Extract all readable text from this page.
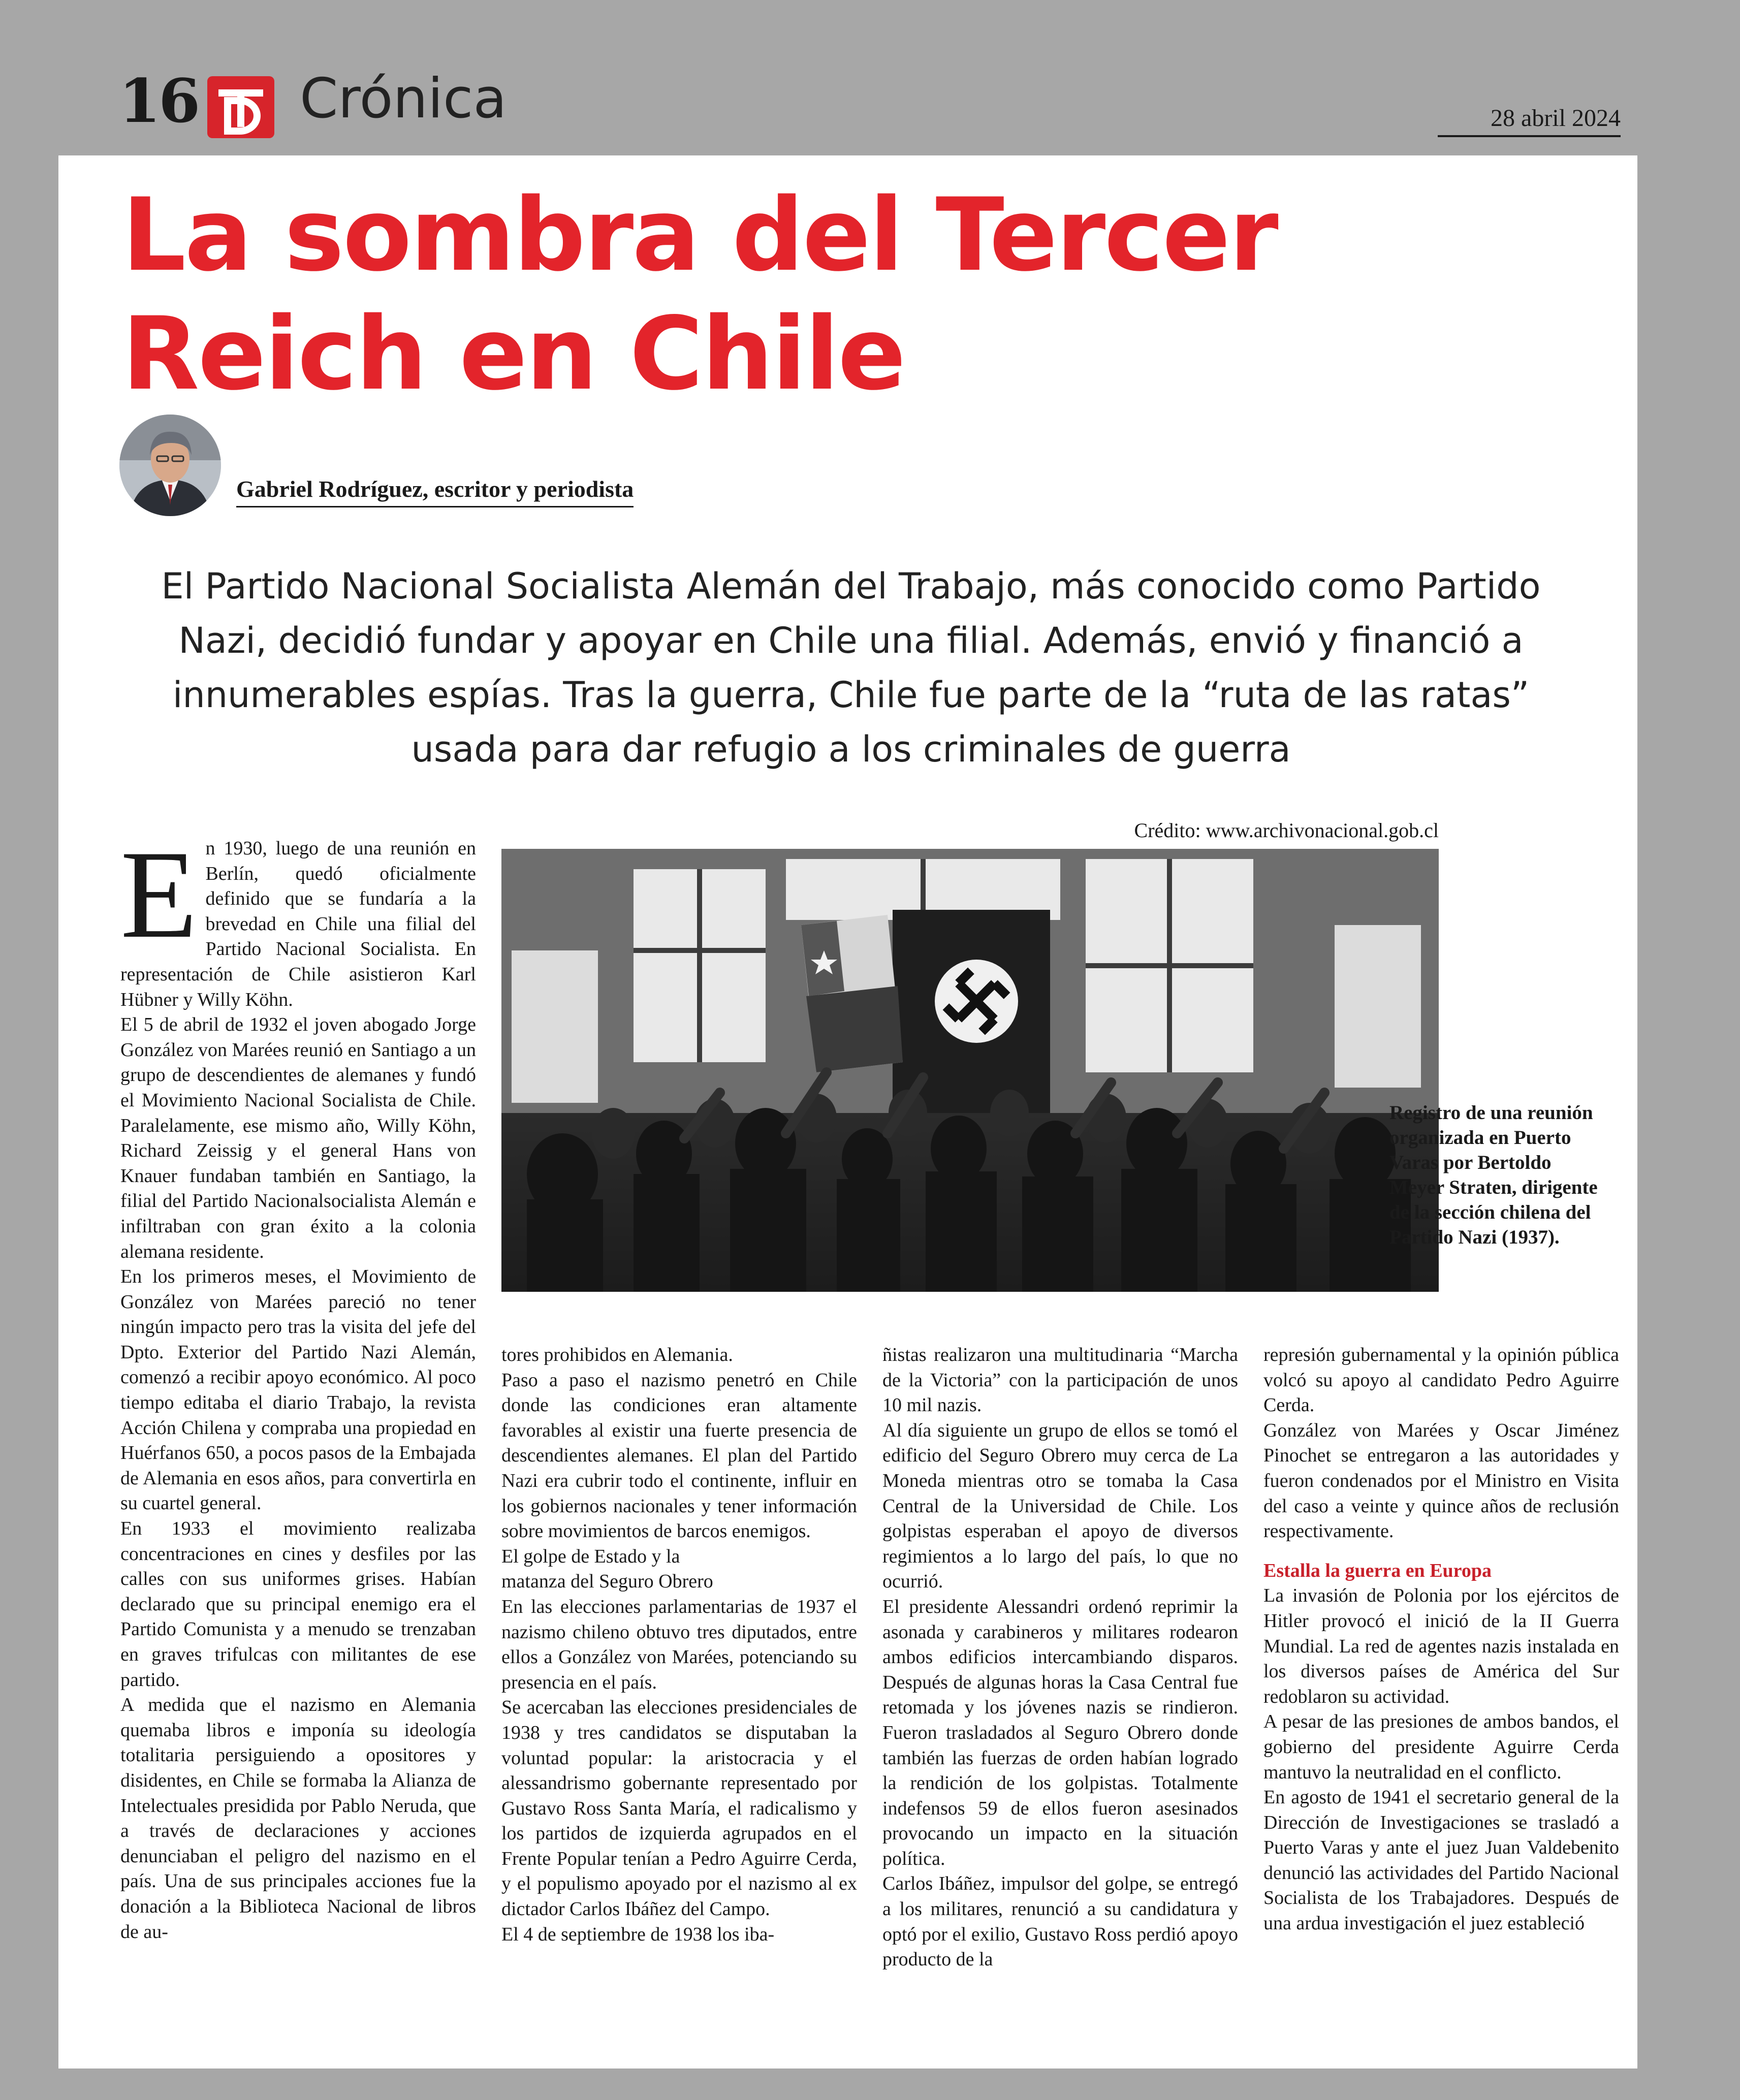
16 Crónica	28 abril 2024
La sombra del Tercer
Reich en Chile
Gabriel Rodríguez, escritor y periodista

El Partido Nacional Socialista Alemán del Trabajo, más conocido como Partido Nazi, decidió fundar y apoyar en Chile una filial. Además, envió y financió a innumerables espías. Tras la guerra, Chile fue parte de la “ruta de las ratas” usada para dar refugio a los criminales de guerra

Crédito: www.archivonacional.gob.cl

Registro de una reunión organizada en Puerto Varas por Bertoldo Meyer Straten, dirigente de la sección chilena del Partido Nazi (1937).

En 1930, luego de una reunión en Berlín, quedó oficialmente definido que se fundaría a la brevedad en Chile una filial del Partido Nacional Socialista. En representación de Chile asistieron Karl Hübner y Willy Köhn.

El 5 de abril de 1932 el joven abogado Jorge González von Marées reunió en Santiago a un grupo de descendientes de alemanes y fundó el Movimiento Nacional Socialista de Chile. Paralelamente, ese mismo año, Willy Köhn, Richard Zeissig y el general Hans von Knauer fundaban también en Santiago, la filial del Partido Nacionalsocialista Alemán e infiltraban con gran éxito a la colonia alemana residente.

En los primeros meses, el Movimiento de González von Marées pareció no tener ningún impacto pero tras la visita del jefe del Dpto. Exterior del Partido Nazi Alemán, comenzó a recibir apoyo económico. Al poco tiempo editaba el diario Trabajo, la revista Acción Chilena y compraba una propiedad en Huérfanos 650, a pocos pasos de la Embajada de Alemania en esos años, para convertirla en su cuartel general.

En 1933 el movimiento realizaba concentraciones en cines y desfiles por las calles con sus uniformes grises. Habían declarado que su principal enemigo era el Partido Comunista y a menudo se trenzaban en graves trifulcas con militantes de ese partido.

A medida que el nazismo en Alemania quemaba libros e imponía su ideología totalitaria persiguiendo a opositores y disidentes, en Chile se formaba la Alianza de Intelectuales presidida por Pablo Neruda, que a través de declaraciones y acciones denunciaban el peligro del nazismo en el país. Una de sus principales acciones fue la donación a la Biblioteca Nacional de libros de au-

tores prohibidos en Alemania.

Paso a paso el nazismo penetró en Chile donde las condiciones eran altamente favorables al existir una fuerte presencia de descendientes alemanes. El plan del Partido Nazi era cubrir todo el continente, influir en los gobiernos nacionales y tener información sobre movimientos de barcos enemigos.

El golpe de Estado y la

matanza del Seguro Obrero

En las elecciones parlamentarias de 1937 el nazismo chileno obtuvo tres diputados, entre ellos a González von Marées, potenciando su presencia en el país.

Se acercaban las elecciones presidenciales de 1938 y tres candidatos se disputaban la voluntad popular: la aristocracia y el alessandrismo gobernante representado por Gustavo Ross Santa María, el radicalismo y los partidos de izquierda agrupados en el Frente Popular tenían a Pedro Aguirre Cerda, y el populismo apoyado por el nazismo al ex dictador Carlos Ibáñez del Campo.

El 4 de septiembre de 1938 los iba-

ñistas realizaron una multitudinaria “Marcha de la Victoria” con la participación de unos 10 mil nazis.

Al día siguiente un grupo de ellos se tomó el edificio del Seguro Obrero muy cerca de La Moneda mientras otro se tomaba la Casa Central de la Universidad de Chile. Los golpistas esperaban el apoyo de diversos regimientos a lo largo del país, lo que no ocurrió.

El presidente Alessandri ordenó reprimir la asonada y carabineros y militares rodearon ambos edificios intercambiando disparos. Después de algunas horas la Casa Central fue retomada y los jóvenes nazis se rindieron. Fueron trasladados al Seguro Obrero donde también las fuerzas de orden habían logrado la rendición de los golpistas. Totalmente indefensos 59 de ellos fueron asesinados provocando un impacto en la situación política.

Carlos Ibáñez, impulsor del golpe, se entregó a los militares, renunció a su candidatura y optó por el exilio, Gustavo Ross perdió apoyo producto de la

represión gubernamental y la opinión pública volcó su apoyo al candidato Pedro Aguirre Cerda.

González von Marées y Oscar Jiménez Pinochet se entregaron a las autoridades y fueron condenados por el Ministro en Visita del caso a veinte y quince años de reclusión respectivamente.

Estalla la guerra en Europa

La invasión de Polonia por los ejércitos de Hitler provocó el inició de la II Guerra Mundial. La red de agentes nazis instalada en los diversos países de América del Sur redoblaron su actividad.

A pesar de las presiones de ambos bandos, el gobierno del presidente Aguirre Cerda mantuvo la neutralidad en el conflicto.

En agosto de 1941 el secretario general de la Dirección de Investigaciones se trasladó a Puerto Varas y ante el juez Juan Valdebenito denunció las actividades del Partido Nacional Socialista de los Trabajadores. Después de una ardua investigación el juez estableció
